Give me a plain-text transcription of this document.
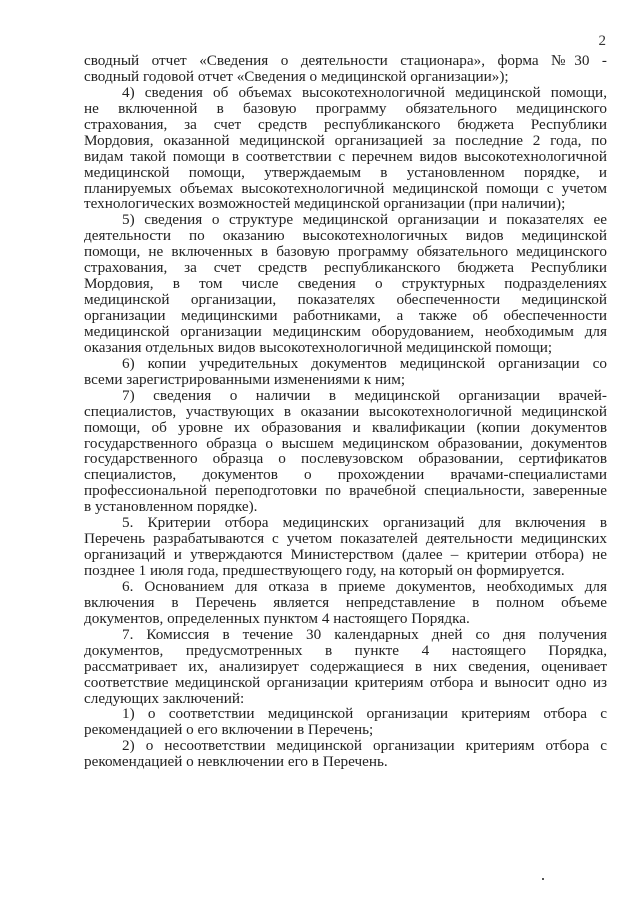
2

сводный отчет «Сведения о деятельности стационара», форма №30 -
сводный годовой отчет «Сведения о медицинской организации»);

4) сведения об объемах высокотехнологичной медицинской помощи,
не включенной в базовую программу обязательного медицинского
страхования, за счет средств республиканского бюджета Республики
Мордовия, оказанной медицинской организацией за последние 2 года, по
видам такой помощи в соответствии с перечнем видов высокотехнологичной
медицинской помощи, утверждаемым в установленном порядке, и
планируемых объемах высокотехнологичной медицинской помощи с учетом
технологических возможностей медицинской организации (при наличии);

5) сведения о структуре медицинской организации и показателях ее
деятельности по оказанию высокотехнологичных видов медицинской
помощи, не включенных в базовую программу обязательного медицинского
страхования, за счет средств республиканского бюджета Республики
Мордовия, в том числе сведения о структурных подразделениях
медицинской организации, показателях обеспеченности медицинской
организации медицинскими работниками, а также об обеспеченности
медицинской организации медицинским оборудованием, необходимым для
оказания отдельных видов высокотехнологичной медицинской помощи;

6) копии учредительных документов медицинской организации со
всеми зарегистрированными изменениями к ним;

7) сведения о наличии в медицинской организации врачей-
специалистов, участвующих в оказании высокотехнологичной медицинской
помощи, об уровне их образования и квалификации (копии документов
государственного образца о высшем медицинском образовании, документов
государственного образца о послевузовском образовании, сертификатов
специалистов, документов о прохождении врачами-специалистами
профессиональной переподготовки по врачебной специальности, заверенные
в установленном порядке).

5. Критерии отбора медицинских организаций для включения в
Перечень разрабатываются с учетом показателей деятельности медицинских
организаций и утверждаются Министерством (далее – критерии отбора) не
позднее 1 июля года, предшествующего году, на который он формируется.

6. Основанием для отказа в приеме документов, необходимых для
включения в Перечень является непредставление в полном объеме
документов, определенных пунктом 4 настоящего Порядка.

7. Комиссия в течение 30 календарных дней со дня получения
документов, предусмотренных в пункте 4 настоящего Порядка,
рассматривает их, анализирует содержащиеся в них сведения, оценивает
соответствие медицинской организации критериям отбора и выносит одно из
следующих заключений:

1) о соответствии медицинской организации критериям отбора с
рекомендацией о его включении в Перечень;

2) о несоответствии медицинской организации критериям отбора с
рекомендацией о невключении его в Перечень.
